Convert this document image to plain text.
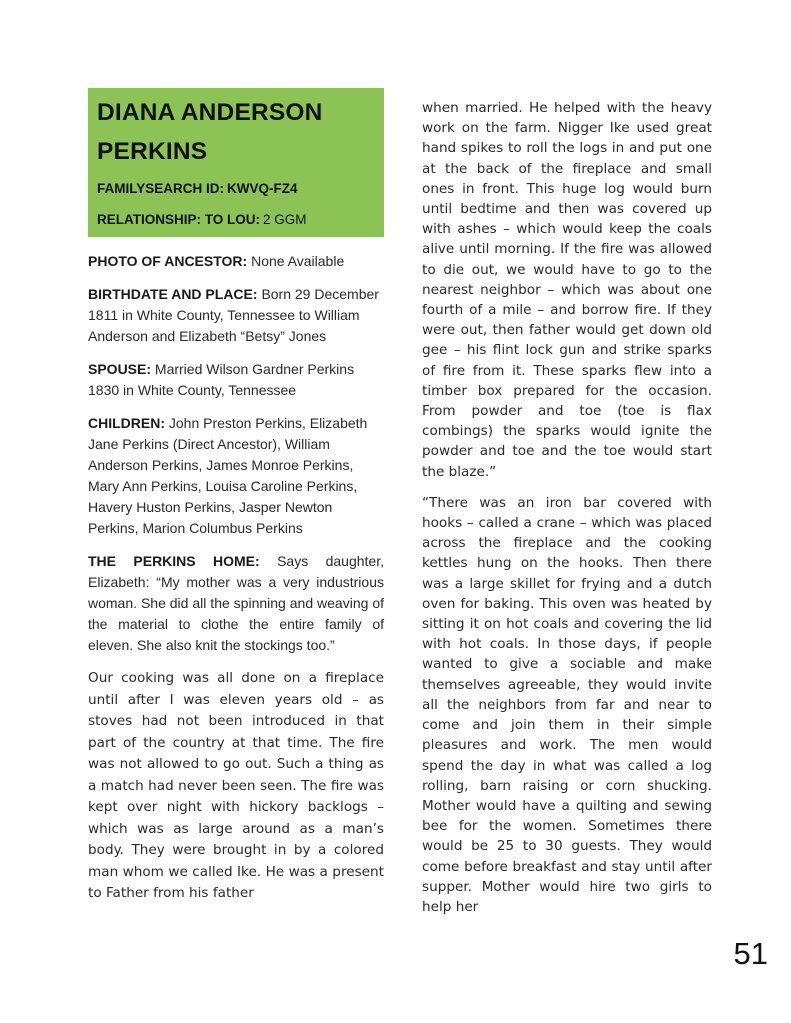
DIANA ANDERSON PERKINS

FAMILYSEARCH ID: KWVQ-FZ4

RELATIONSHIP: TO LOU: 2 GGM

PHOTO OF ANCESTOR: None Available

BIRTHDATE AND PLACE: Born 29 December 1811 in White County, Tennessee to William Anderson and Elizabeth “Betsy” Jones

SPOUSE: Married Wilson Gardner Perkins 1830 in White County, Tennessee

CHILDREN: John Preston Perkins, Elizabeth Jane Perkins (Direct Ancestor), William Anderson Perkins, James Monroe Perkins, Mary Ann Perkins, Louisa Caroline Perkins, Havery Huston Perkins, Jasper Newton Perkins, Marion Columbus Perkins

THE PERKINS HOME: Says daughter, Elizabeth: “My mother was a very industrious woman. She did all the spinning and weaving of the material to clothe the entire family of eleven. She also knit the stockings too.”

Our cooking was all done on a fireplace until after I was eleven years old – as stoves had not been introduced in that part of the country at that time. The fire was not allowed to go out. Such a thing as a match had never been seen. The fire was kept over night with hickory backlogs – which was as large around as a man’s body. They were brought in by a colored man whom we called Ike. He was a present to Father from his father

when married. He helped with the heavy work on the farm. Nigger Ike used great hand spikes to roll the logs in and put one at the back of the fireplace and small ones in front. This huge log would burn until bedtime and then was covered up with ashes – which would keep the coals alive until morning. If the fire was allowed to die out, we would have to go to the nearest neighbor – which was about one fourth of a mile – and borrow fire. If they were out, then father would get down old gee – his flint lock gun and strike sparks of fire from it. These sparks flew into a timber box prepared for the occasion. From powder and toe (toe is flax combings) the sparks would ignite the powder and toe and the toe would start the blaze.”

“There was an iron bar covered with hooks – called a crane – which was placed across the fireplace and the cooking kettles hung on the hooks. Then there was a large skillet for frying and a dutch oven for baking. This oven was heated by sitting it on hot coals and covering the lid with hot coals. In those days, if people wanted to give a sociable and make themselves agreeable, they would invite all the neighbors from far and near to come and join them in their simple pleasures and work. The men would spend the day in what was called a log rolling, barn raising or corn shucking. Mother would have a quilting and sewing bee for the women. Sometimes there would be 25 to 30 guests. They would come before breakfast and stay until after supper. Mother would hire two girls to help her

51
